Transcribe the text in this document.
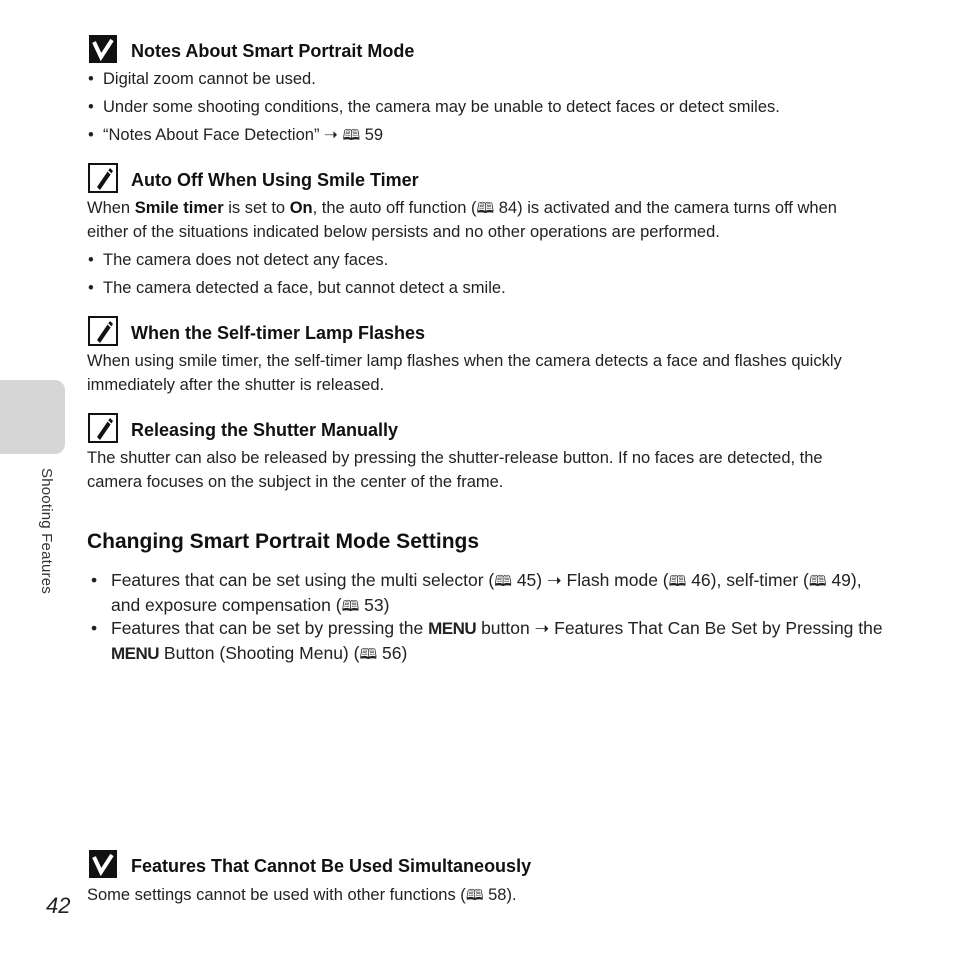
Shooting Features
42
Notes About Smart Portrait Mode
• Digital zoom cannot be used.
• Under some shooting conditions, the camera may be unable to detect faces or detect smiles.
• “Notes About Face Detection” ➝ 🕮 59
Auto Off When Using Smile Timer
When Smile timer is set to On, the auto off function (🕮 84) is activated and the camera turns off when either of the situations indicated below persists and no other operations are performed.
• The camera does not detect any faces.
• The camera detected a face, but cannot detect a smile.
When the Self-timer Lamp Flashes
When using smile timer, the self-timer lamp flashes when the camera detects a face and flashes quickly immediately after the shutter is released.
Releasing the Shutter Manually
The shutter can also be released by pressing the shutter-release button. If no faces are detected, the camera focuses on the subject in the center of the frame.
Changing Smart Portrait Mode Settings
• Features that can be set using the multi selector (🕮 45) ➝ Flash mode (🕮 46), self-timer (🕮 49), and exposure compensation (🕮 53)
• Features that can be set by pressing the MENU button ➝ Features That Can Be Set by Pressing the MENU Button (Shooting Menu) (🕮 56)
Features That Cannot Be Used Simultaneously
Some settings cannot be used with other functions (🕮 58).
